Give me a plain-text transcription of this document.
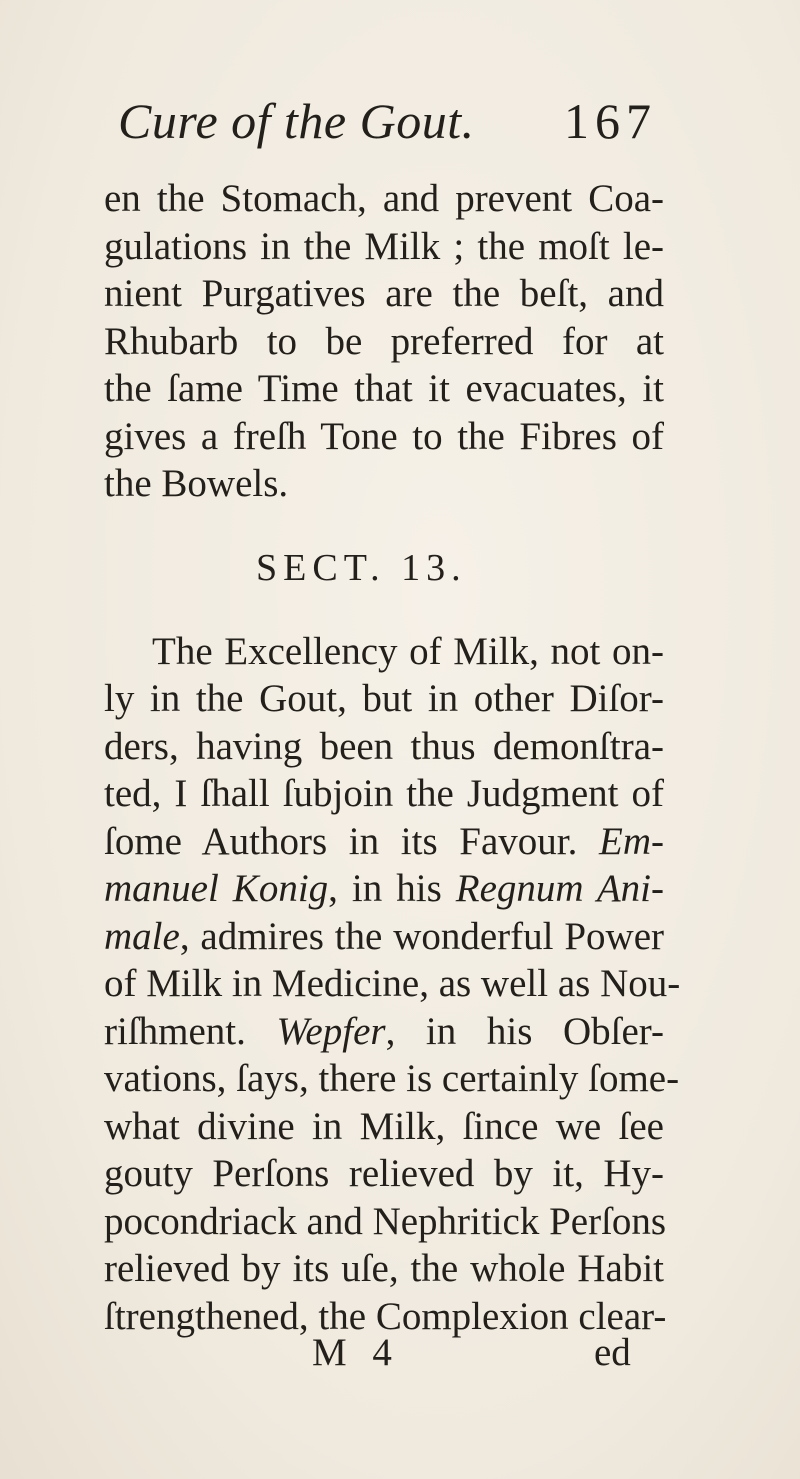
Cure of the Gout. 167
en the Stomach, and prevent Coa-
gulations in the Milk ; the moſt le-
nient Purgatives are the beſt, and
Rhubarb to be preferred for at
the ſame Time that it evacuates, it
gives a freſh Tone to the Fibres of
the Bowels.
SECT. 13.
The Excellency of Milk, not on-
ly in the Gout, but in other Diſor-
ders, having been thus demonſtra-
ted, I ſhall ſubjoin the Judgment of
ſome Authors in its Favour. Em-
manuel Konig, in his Regnum Ani-
male, admires the wonderful Power
of Milk in Medicine, as well as Nou-
riſhment. Wepfer, in his Obſer-
vations, ſays, there is certainly ſome-
what divine in Milk, ſince we ſee
gouty Perſons relieved by it, Hy-
pocondriack and Nephritick Perſons
relieved by its uſe, the whole Habit
ſtrengthened, the Complexion clear-
M 4	ed
